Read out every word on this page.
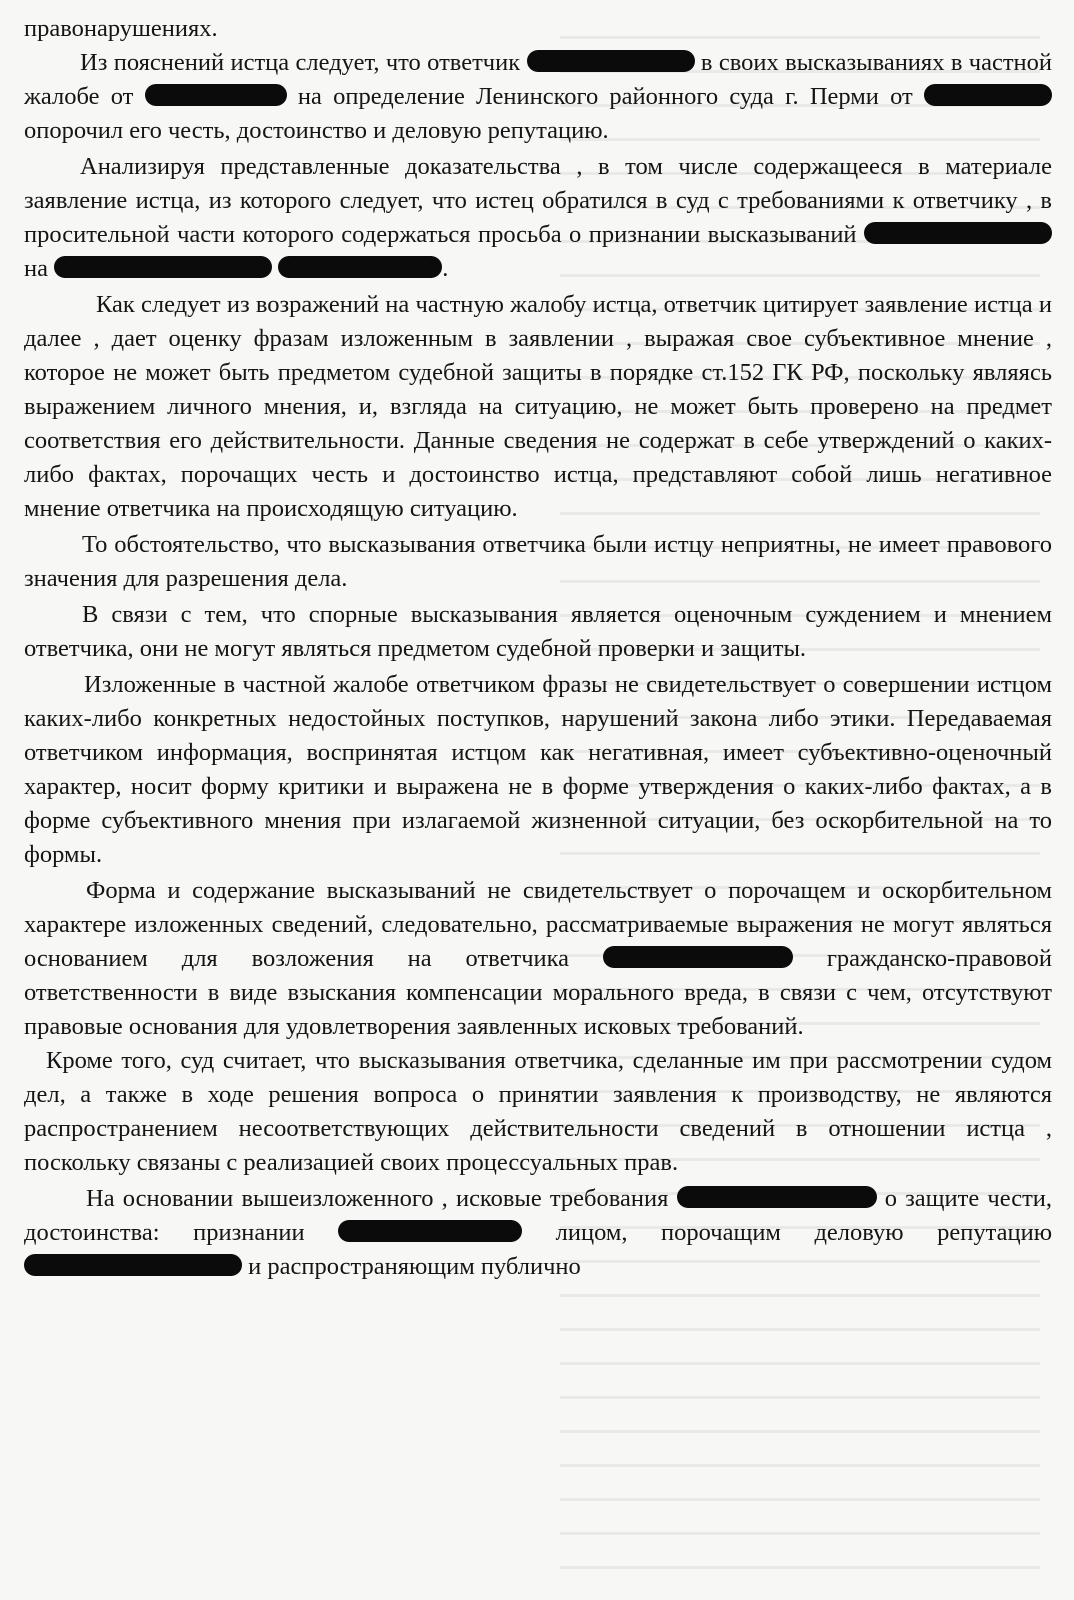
правонарушениях.

Из пояснений истца следует, что ответчик	в своих высказываниях в частной жалобе от	на определение Ленинского районного суда г. Перми от  опорочил его честь, достоинство и деловую репутацию.

Анализируя представленные доказательства , в том числе содержащееся в материале заявление истца, из которого следует, что истец обратился в суд с требованиями к ответчику , в просительной части которого содержаться просьба о признании высказываний  на	.

Как следует из возражений на частную жалобу истца, ответчик цитирует заявление истца и далее , дает оценку фразам изложенным в заявлении , выражая свое субъективное мнение , которое не может быть предметом судебной защиты в порядке ст.152 ГК РФ, поскольку являясь выражением личного мнения, и, взгляда на ситуацию, не может быть проверено на предмет соответствия его действительности. Данные сведения не содержат в себе утверждений о каких-либо фактах, порочащих честь и достоинство истца, представляют собой лишь негативное мнение ответчика на происходящую ситуацию.

То обстоятельство, что высказывания ответчика были истцу неприятны, не имеет правового значения для разрешения дела.

В связи с тем, что спорные высказывания является оценочным суждением и мнением ответчика, они не могут являться предметом судебной проверки и защиты.

Изложенные в частной жалобе ответчиком фразы не свидетельствует о совершении истцом каких-либо конкретных недостойных поступков, нарушений закона либо этики. Передаваемая ответчиком информация, воспринятая истцом как негативная, имеет субъективно-оценочный характер, носит форму критики и выражена не в форме утверждения о каких-либо фактах, а в форме субъективного мнения при излагаемой жизненной ситуации, без оскорбительной на то формы.

Форма и содержание высказываний не свидетельствует о порочащем и оскорбительном характере изложенных сведений, следовательно, рассматриваемые выражения не могут являться основанием для возложения на ответчика	гражданско-правовой ответственности в виде взыскания компенсации морального вреда, в связи с чем, отсутствуют правовые основания для удовлетворения заявленных исковых требований.

Кроме того, суд считает, что высказывания ответчика, сделанные им при рассмотрении судом дел, а также в ходе решения вопроса о принятии заявления к производству, не являются распространением несоответствующих действительности сведений в отношении истца , поскольку связаны с реализацией своих процессуальных прав.

На основании вышеизложенного , исковые требования	о защите чести, достоинства: признании	лицом, порочащим деловую репутацию  и распространяющим публично
